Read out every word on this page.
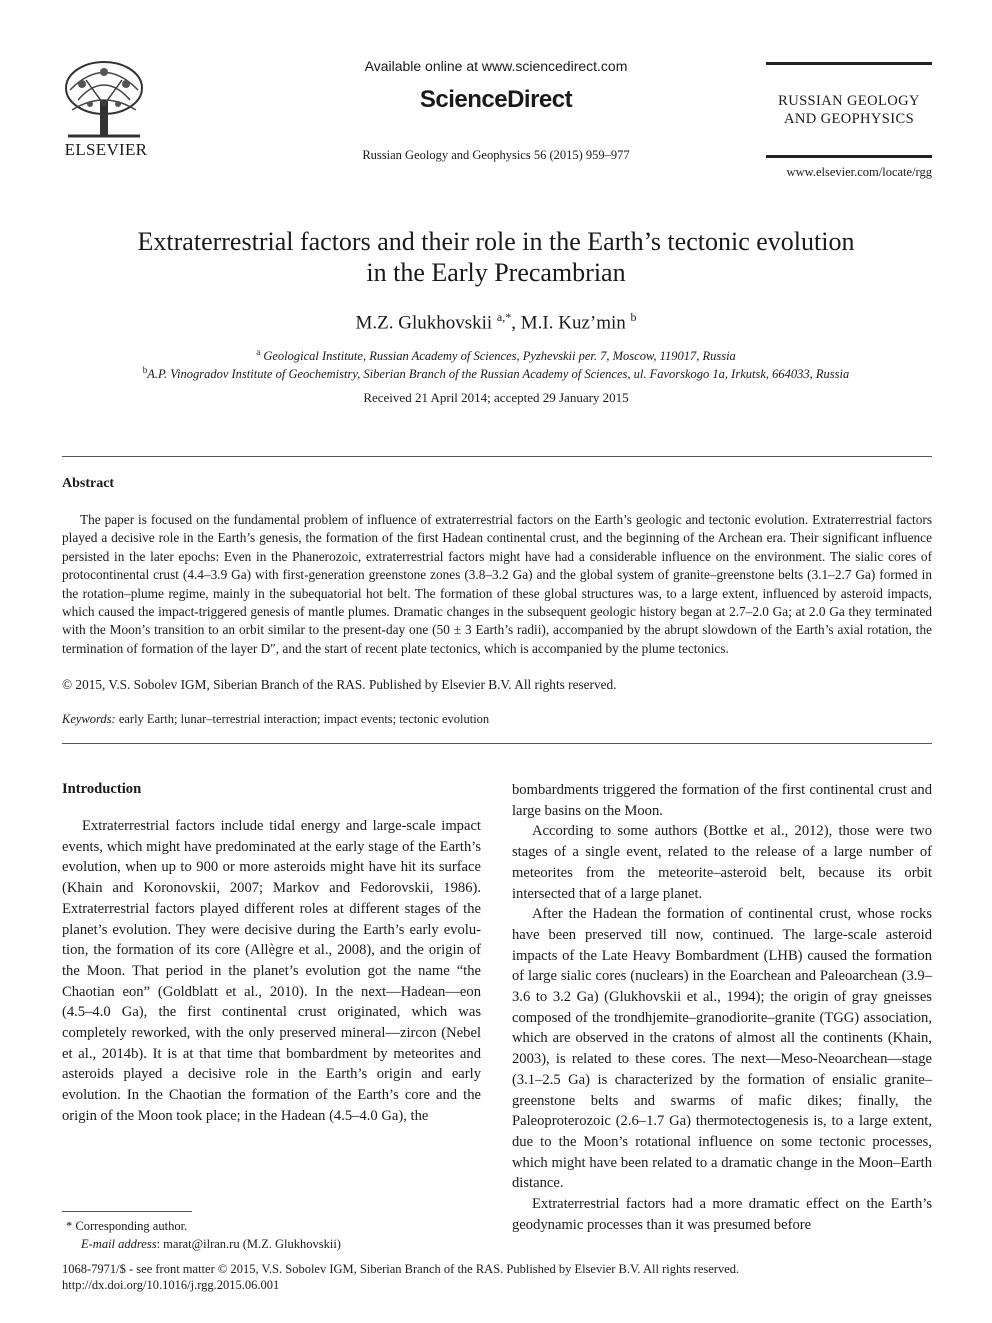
ELSEVIER
Available online at www.sciencedirect.com
ScienceDirect
Russian Geology and Geophysics 56 (2015) 959–977
RUSSIAN GEOLOGY
AND GEOPHYSICS
www.elsevier.com/locate/rgg
Extraterrestrial factors and their role in the Earth’s tectonic evolution
in the Early Precambrian
M.Z. Glukhovskii $^{a,*}$, M.I. Kuz’min $^b$
$^a$ Geological Institute, Russian Academy of Sciences, Pyzhevskii per. 7, Moscow, 119017, Russia
$^b$A.P. Vinogradov Institute of Geochemistry, Siberian Branch of the Russian Academy of Sciences, ul. Favorskogo 1a, Irkutsk, 664033, Russia
Received 21 April 2014; accepted 29 January 2015
Abstract
The paper is focused on the fundamental problem of influence of extraterrestrial factors on the Earth’s geologic and tectonic evolution. Extraterrestrial factors played a decisive role in the Earth’s genesis, the formation of the first Hadean continental crust, and the beginning of the Archean era. Their significant influence persisted in the later epochs: Even in the Phanerozoic, extraterrestrial factors might have had a considerable influence on the environment. The sialic cores of protocontinental crust (4.4–3.9 Ga) with first-generation greenstone zones (3.8–3.2 Ga) and the global system of granite–greenstone belts (3.1–2.7 Ga) formed in the rotation–plume regime, mainly in the subequatorial hot belt. The formation of these global structures was, to a large extent, influenced by asteroid impacts, which caused the impact-triggered genesis of mantle plumes. Dramatic changes in the subsequent geologic history began at 2.7–2.0 Ga; at 2.0 Ga they terminated with the Moon’s transition to an orbit similar to the present-day one (50 ± 3 Earth’s radii), accompanied by the abrupt slowdown of the Earth’s axial rotation, the termination of formation of the layer D″, and the start of recent plate tectonics, which is accompanied by the plume tectonics.
© 2015, V.S. Sobolev IGM, Siberian Branch of the RAS. Published by Elsevier B.V. All rights reserved.
Keywords: early Earth; lunar–terrestrial interaction; impact events; tectonic evolution
Introduction

Extraterrestrial factors include tidal energy and large-scale impact events, which might have predominated at the early stage of the Earth’s evolution, when up to 900 or more asteroids might have hit its surface (Khain and Koronovskii, 2007; Markov and Fedorovskii, 1986). Extraterrestrial factors played different roles at different stages of the planet’s evolution. They were decisive during the Earth’s early evolution, the formation of its core (Allègre et al., 2008), and the origin of the Moon. That period in the planet’s evolution got the name “the Chaotian eon” (Goldblatt et al., 2010). In the next—Hadean—eon (4.5–4.0 Ga), the first continental crust originated, which was completely reworked, with the only preserved mineral—zircon (Nebel et al., 2014b). It is at that time that bombardment by meteorites and asteroids played a decisive role in the Earth’s origin and early evolution. In the Chaotian the formation of the Earth’s core and the origin of the Moon took place; in the Hadean (4.5–4.0 Ga), the

bombardments triggered the formation of the first continental crust and large basins on the Moon.

According to some authors (Bottke et al., 2012), those were two stages of a single event, related to the release of a large number of meteorites from the meteorite–asteroid belt, because its orbit intersected that of a large planet.

After the Hadean the formation of continental crust, whose rocks have been preserved till now, continued. The large-scale asteroid impacts of the Late Heavy Bombardment (LHB) caused the formation of large sialic cores (nuclears) in the Eoarchean and Paleoarchean (3.9–3.6 to 3.2 Ga) (Glukhovskii et al., 1994); the origin of gray gneisses composed of the trondhjemite–granodiorite–granite (TGG) association, which are observed in the cratons of almost all the continents (Khain, 2003), is related to these cores. The next—Meso-Neoarchean—stage (3.1–2.5 Ga) is characterized by the formation of ensialic granite–greenstone belts and swarms of mafic dikes; finally, the Paleoproterozoic (2.6–1.7 Ga) thermotectogenesis is, to a large extent, due to the Moon’s rotational influence on some tectonic processes, which might have been related to a dramatic change in the Moon–Earth distance.

Extraterrestrial factors had a more dramatic effect on the Earth’s geodynamic processes than it was presumed before

* Corresponding author.
E-mail address: marat@ilran.ru (M.Z. Glukhovskii)
1068-7971/$ - see front matter © 2015, V.S. Sobolev IGM, Siberian Branch of the RAS. Published by Elsevier B.V. All rights reserved.
http://dx.doi.org/10.1016/j.rgg.2015.06.001
